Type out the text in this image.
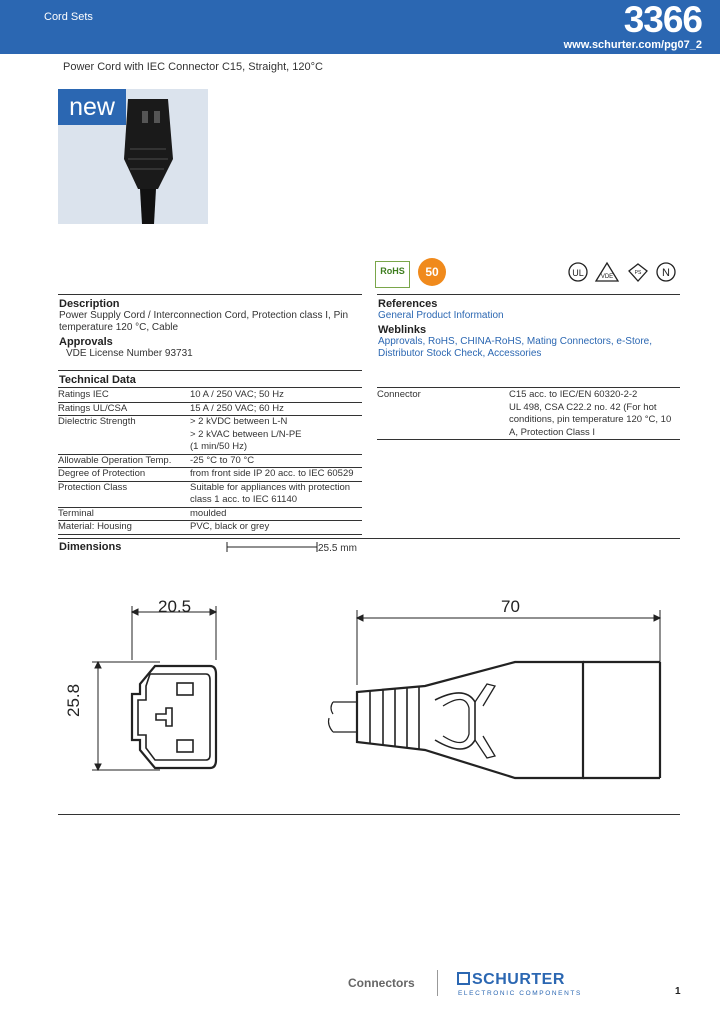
Cord Sets	3366
www.schurter.com/pg07_2
Power Cord with IEC Connector C15, Straight, 120°C
new
RoHS	50	UL	VDE
PS N
Description
Power Supply Cord / Interconnection Cord, Protection class I, Pin temperature 120 °C, Cable
Approvals
VDE License Number 93731
References
General Product Information
Weblinks
Approvals, RoHS, CHINA-RoHS, Mating Connectors, e-Store, Distributor Stock Check, Accessories
Technical Data
Ratings IEC	10 A / 250 VAC; 50 Hz
Ratings UL/CSA	15 A / 250 VAC; 60 Hz
Dielectric Strength	> 2 kVDC between L-N
> 2 kVAC between L/N-PE
(1 min/50 Hz)
Allowable Operation Temp.	-25 °C to 70 °C
Degree of Protection	from front side IP 20 acc. to IEC 60529
Protection Class	Suitable for appliances with protection class 1 acc. to IEC 61140
Terminal	moulded
Material: Housing	PVC, black or grey
Connector	C15 acc. to IEC/EN 60320-2-2
UL 498, CSA C22.2 no. 42 (For hot conditions, pin temperature 120 °C, 10 A, Protection Class I
Dimensions	25.5 mm
20.5
25.8
70
Connectors	SCHURTER
ELECTRONIC COMPONENTS	1
